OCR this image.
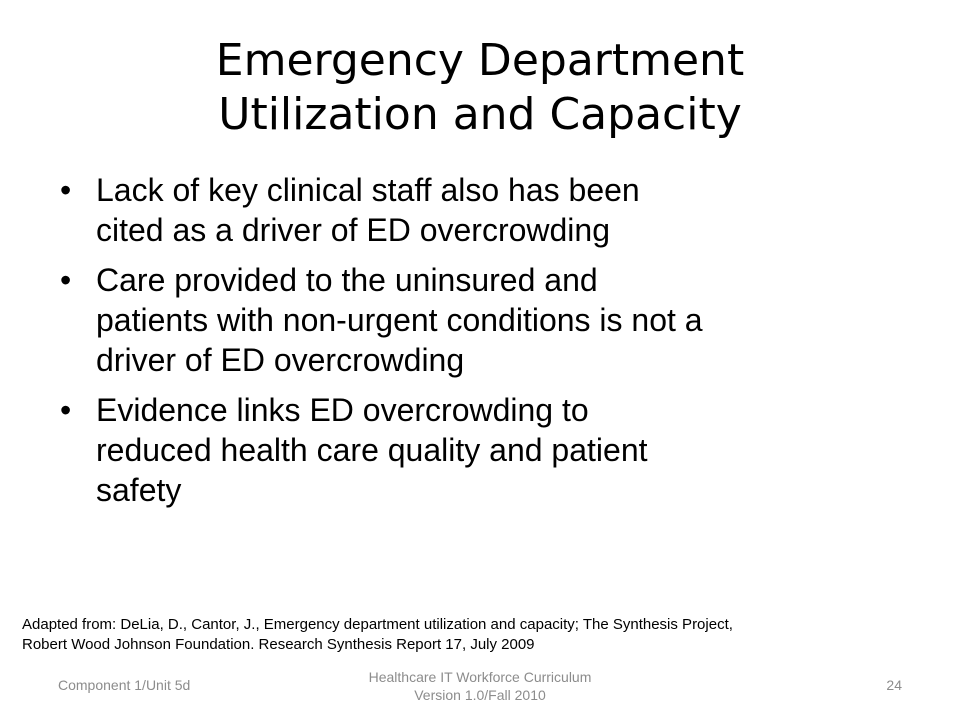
Emergency Department
Utilization and Capacity
• Lack of key clinical staff also has been
cited as a driver of ED overcrowding
• Care provided to the uninsured and
patients with non-urgent conditions is not a
driver of ED overcrowding
• Evidence links ED overcrowding to
reduced health care quality and patient
safety
Adapted from: DeLia, D., Cantor, J., Emergency department utilization and capacity; The Synthesis Project,
Robert Wood Johnson Foundation. Research Synthesis Report 17, July 2009
Component 1/Unit 5d	Healthcare IT Workforce Curriculum
Version 1.0/Fall 2010
24
